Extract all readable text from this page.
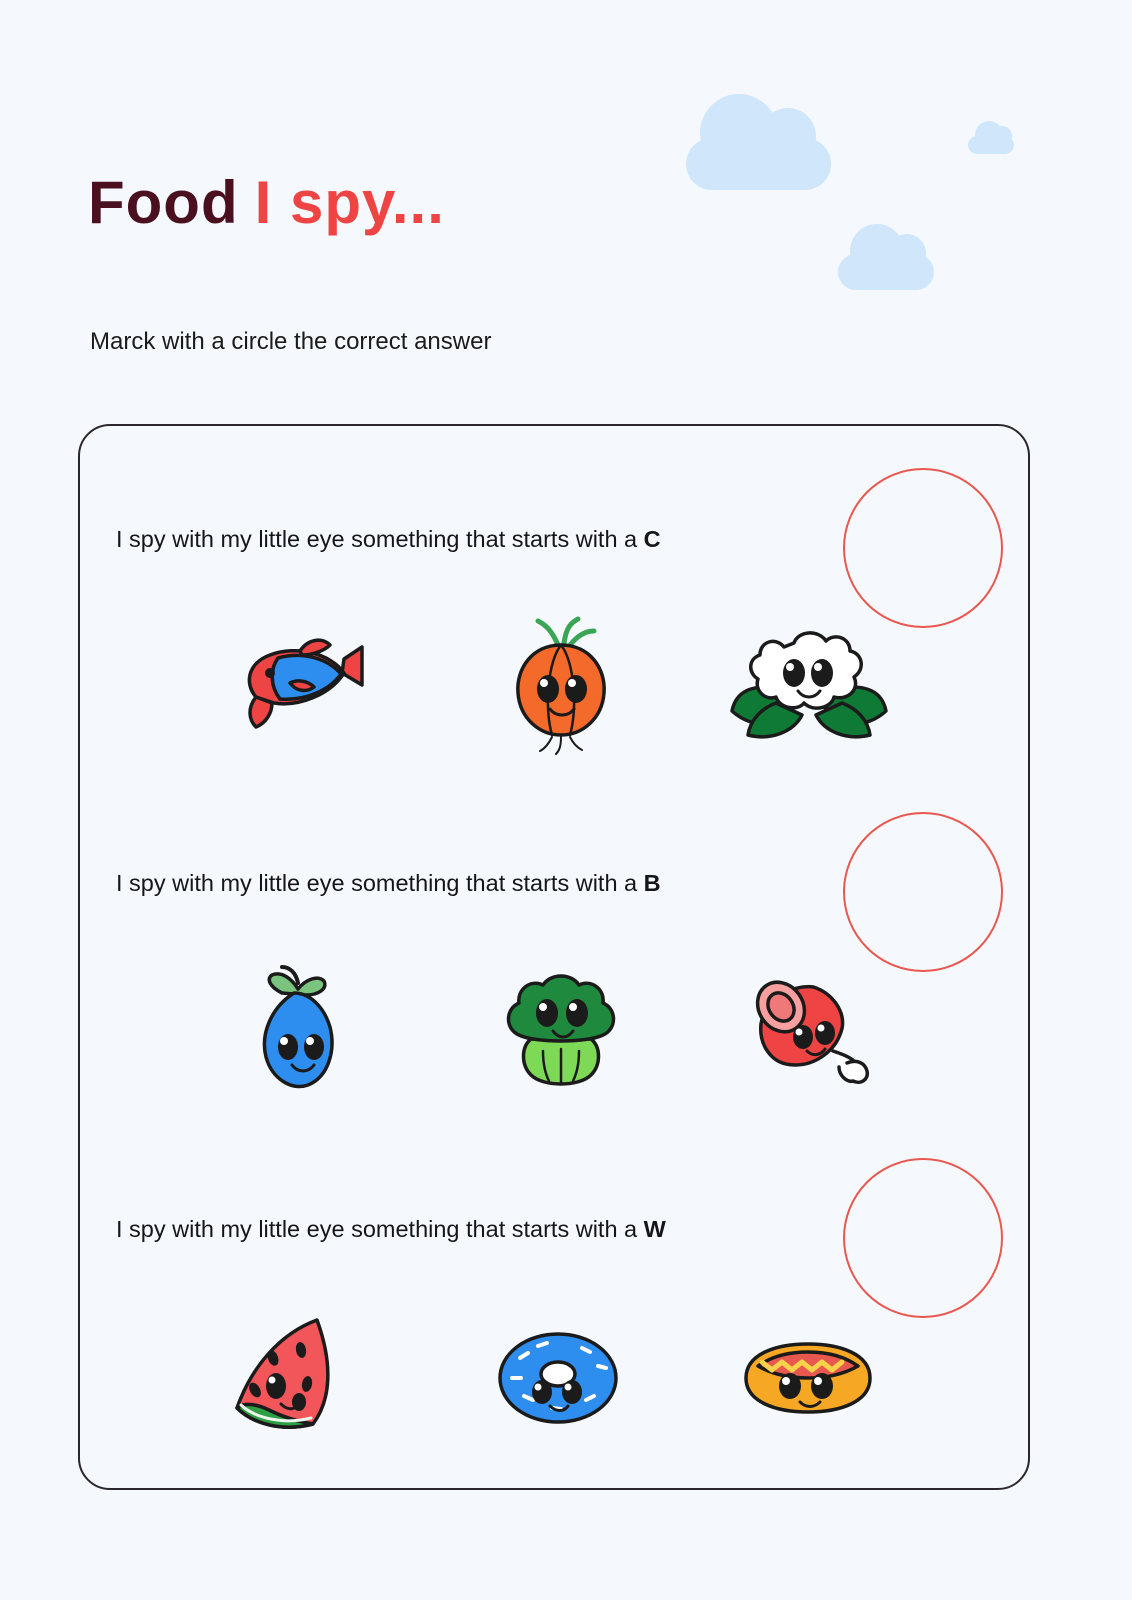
Food I spy...
Marck with a circle the correct answer
I spy with my little eye something that starts with a C
I spy with my little eye something that starts with a B
I spy with my little eye something that starts with a W
